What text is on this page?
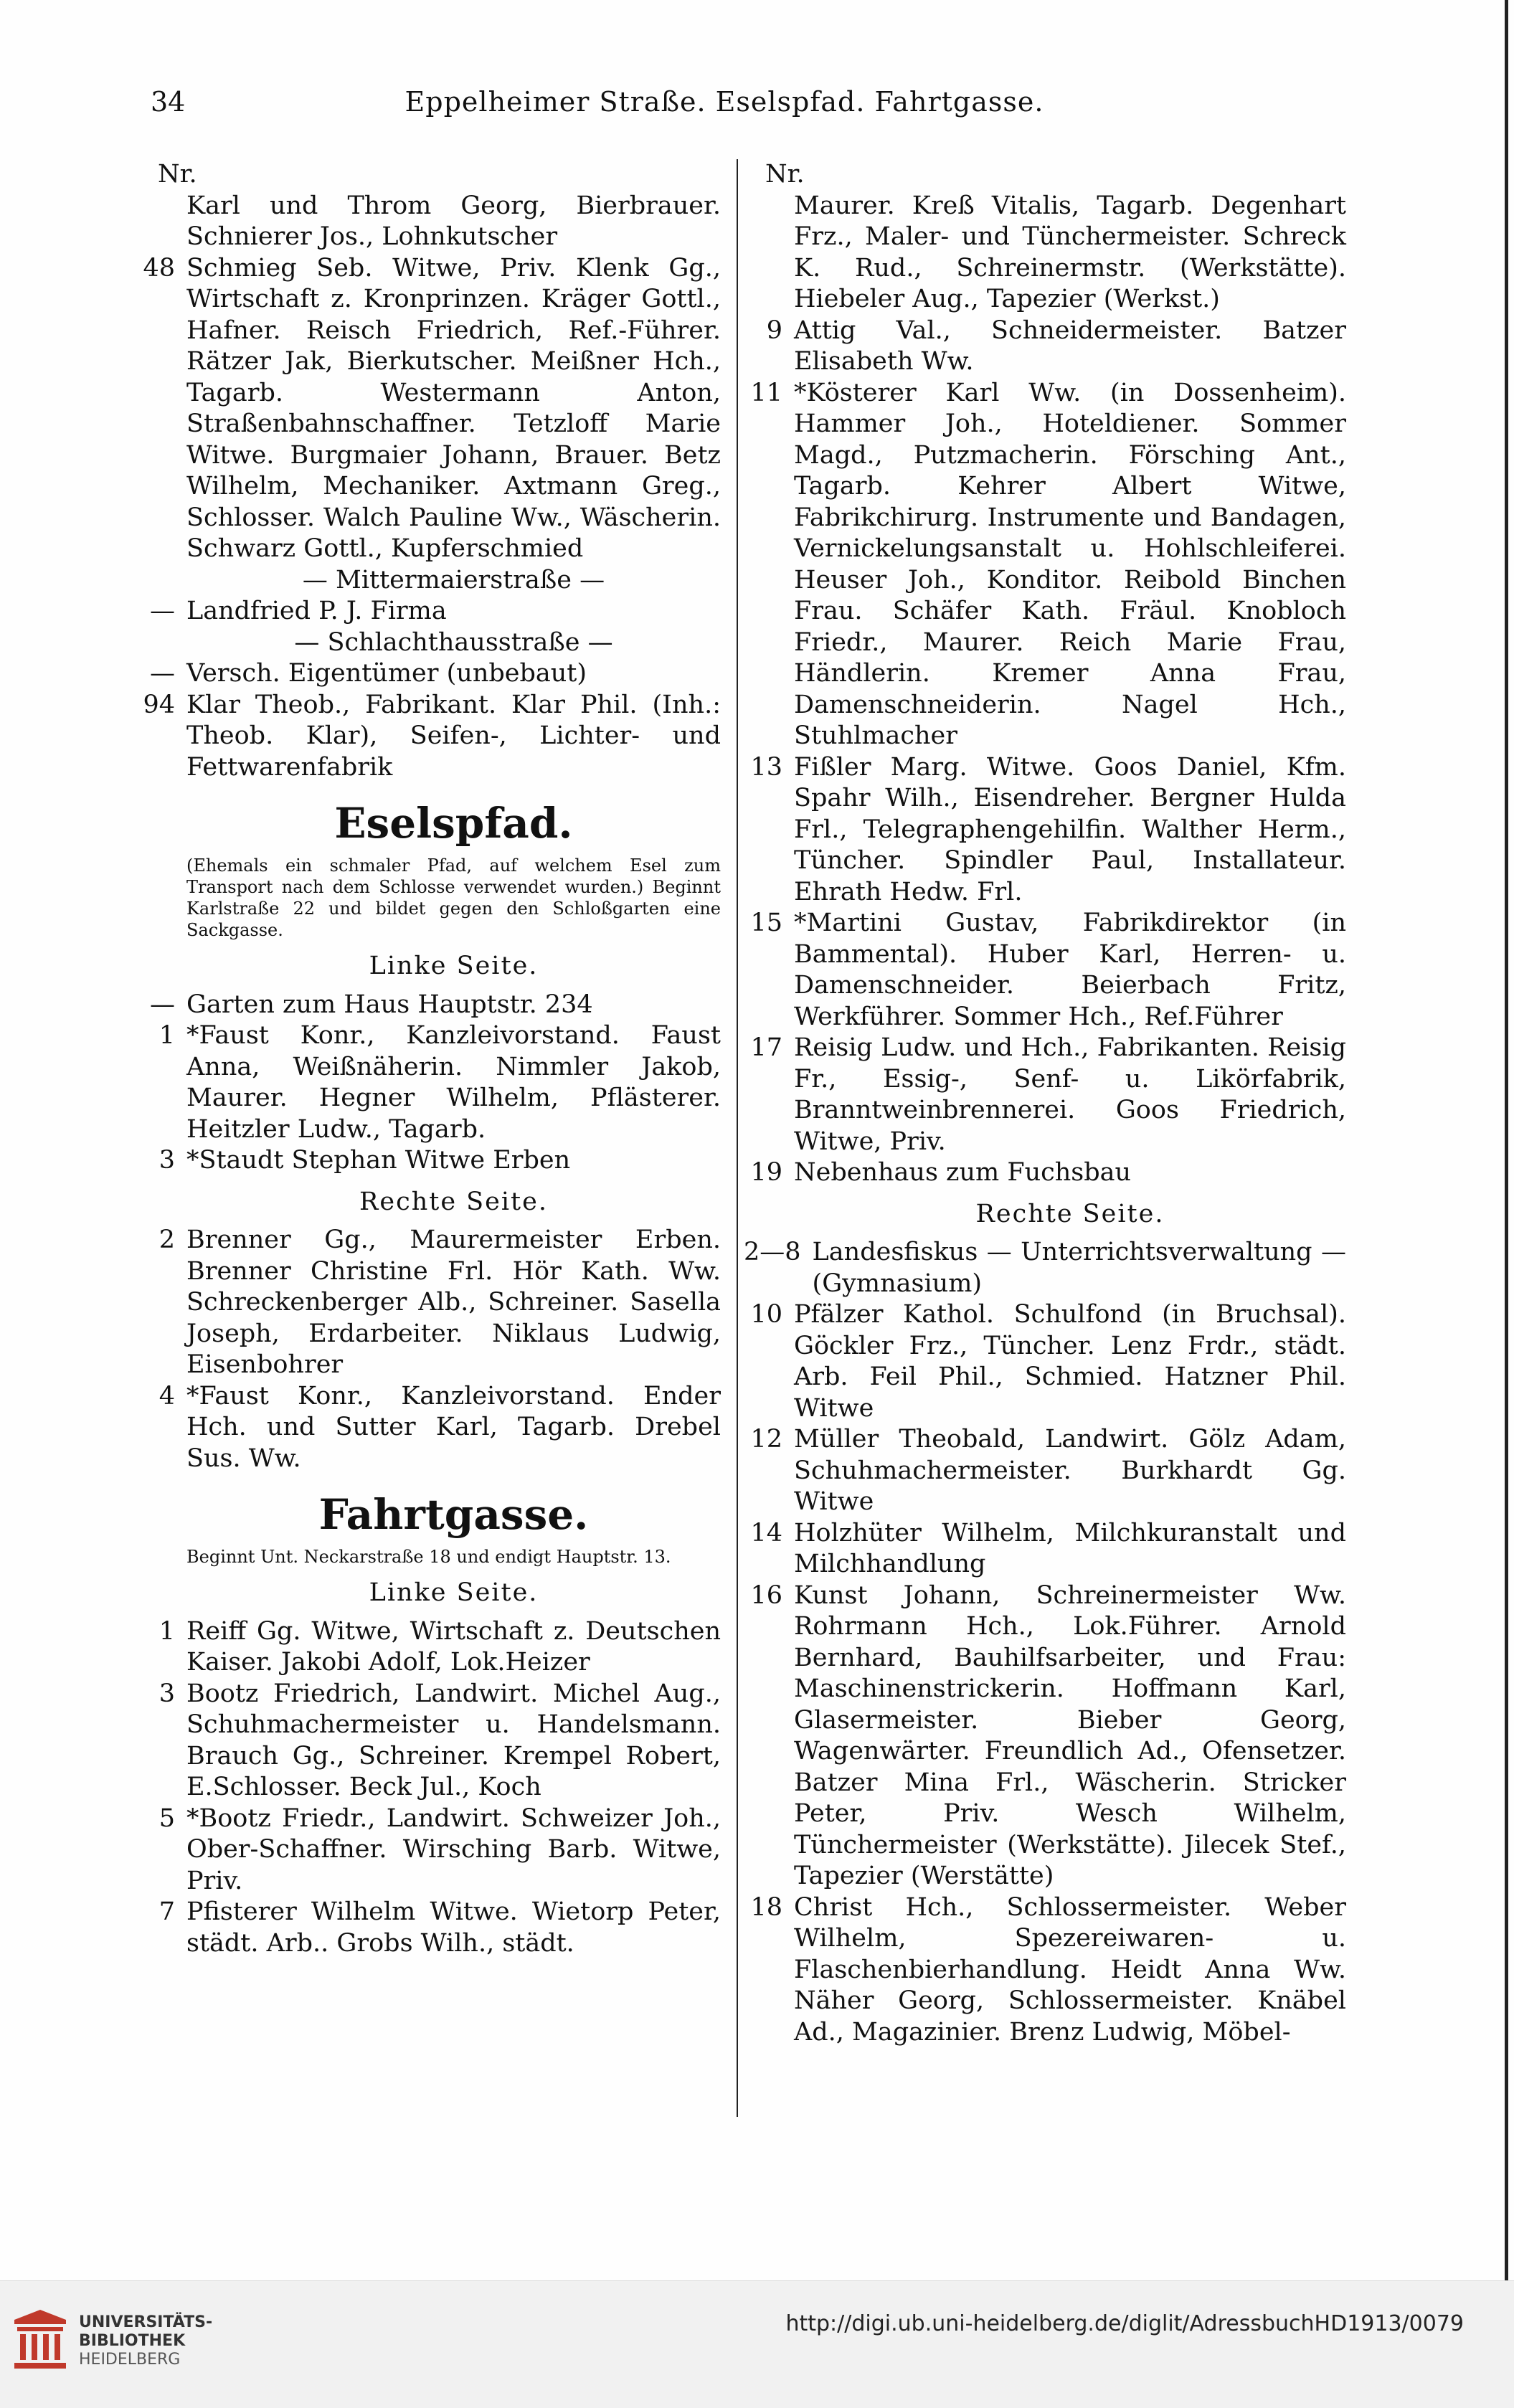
34	Eppelheimer Straße. Eselspfad. Fahrtgasse.
Nr.
Karl und Throm Georg, Bierbrauer. Schnierer Jos., Lohnkutscher
48 Schmieg Seb. Witwe, Priv. Klenk Gg., Wirtschaft z. Kronprinzen. Kräger Gottl., Hafner. Reisch Friedrich, Ref.-Führer. Rätzer Jak, Bierkutscher. Meißner Hch., Tagarb. Westermann Anton, Straßenbahnschaffner. Tetzloff Marie Witwe. Burgmaier Johann, Brauer. Betz Wilhelm, Mechaniker. Axtmann Greg., Schlosser. Walch Pauline Ww., Wäscherin. Schwarz Gottl., Kupferschmied
— Mittermaierstraße —
— Landfried P. J. Firma
— Schlachthausstraße —
— Versch. Eigentümer (unbebaut)
94 Klar Theob., Fabrikant. Klar Phil. (Inh.: Theob. Klar), Seifen-, Lichter- und Fettwarenfabrik
Eselspfad.
(Ehemals ein schmaler Pfad, auf welchem Esel zum Transport nach dem Schlosse verwendet wurden.) Beginnt Karlstraße 22 und bildet gegen den Schloßgarten eine Sackgasse.
Linke Seite.
— Garten zum Haus Hauptstr. 234
1 *Faust Konr., Kanzleivorstand. Faust Anna, Weißnäherin. Nimmler Jakob, Maurer. Hegner Wilhelm, Pflästerer. Heitzler Ludw., Tagarb.
3 *Staudt Stephan Witwe Erben
Rechte Seite.
2 Brenner Gg., Maurermeister Erben. Brenner Christine Frl. Hör Kath. Ww. Schreckenberger Alb., Schreiner. Sasella Joseph, Erdarbeiter. Niklaus Ludwig, Eisenbohrer
4 *Faust Konr., Kanzleivorstand. Ender Hch. und Sutter Karl, Tagarb. Drebel Sus. Ww.
Fahrtgasse.
Beginnt Unt. Neckarstraße 18 und endigt Hauptstr. 13.
Linke Seite.
1 Reiff Gg. Witwe, Wirtschaft z. Deutschen Kaiser. Jakobi Adolf, Lok.Heizer
3 Bootz Friedrich, Landwirt. Michel Aug., Schuhmachermeister u. Handelsmann. Brauch Gg., Schreiner. Krempel Robert, E.Schlosser. Beck Jul., Koch
5 *Bootz Friedr., Landwirt. Schweizer Joh., Ober-Schaffner. Wirsching Barb. Witwe, Priv.
7 Pfisterer Wilhelm Witwe. Wietorp Peter, städt. Arb.. Grobs Wilh., städt.
Nr.
Maurer. Kreß Vitalis, Tagarb. Degenhart Frz., Maler- und Tünchermeister. Schreck K. Rud., Schreinermstr. (Werkstätte). Hiebeler Aug., Tapezier (Werkst.)
9 Attig Val., Schneidermeister. Batzer Elisabeth Ww.
11 *Kösterer Karl Ww. (in Dossenheim). Hammer Joh., Hoteldiener. Sommer Magd., Putzmacherin. Försching Ant., Tagarb. Kehrer Albert Witwe, Fabrikchirurg. Instrumente und Bandagen, Vernickelungsanstalt u. Hohlschleiferei. Heuser Joh., Konditor. Reibold Binchen Frau. Schäfer Kath. Fräul. Knobloch Friedr., Maurer. Reich Marie Frau, Händlerin. Kremer Anna Frau, Damenschneiderin. Nagel Hch., Stuhlmacher
13 Fißler Marg. Witwe. Goos Daniel, Kfm. Spahr Wilh., Eisendreher. Bergner Hulda Frl., Telegraphengehilfin. Walther Herm., Tüncher. Spindler Paul, Installateur. Ehrath Hedw. Frl.
15 *Martini Gustav, Fabrikdirektor (in Bammental). Huber Karl, Herren- u. Damenschneider. Beierbach Fritz, Werkführer. Sommer Hch., Ref.Führer
17 Reisig Ludw. und Hch., Fabrikanten. Reisig Fr., Essig-, Senf- u. Likörfabrik, Branntweinbrennerei. Goos Friedrich, Witwe, Priv.
19 Nebenhaus zum Fuchsbau
Rechte Seite.
2—8 Landesfiskus — Unterrichtsverwaltung — (Gymnasium)
10 Pfälzer Kathol. Schulfond (in Bruchsal). Göckler Frz., Tüncher. Lenz Frdr., städt. Arb. Feil Phil., Schmied. Hatzner Phil. Witwe
12 Müller Theobald, Landwirt. Gölz Adam, Schuhmachermeister. Burkhardt Gg. Witwe
14 Holzhüter Wilhelm, Milchkuranstalt und Milchhandlung
16 Kunst Johann, Schreinermeister Ww. Rohrmann Hch., Lok.Führer. Arnold Bernhard, Bauhilfsarbeiter, und Frau: Maschinenstrickerin. Hoffmann Karl, Glasermeister. Bieber Georg, Wagenwärter. Freundlich Ad., Ofensetzer. Batzer Mina Frl., Wäscherin. Stricker Peter, Priv. Wesch Wilhelm, Tünchermeister (Werkstätte). Jilecek Stef., Tapezier (Werstätte)
18 Christ Hch., Schlossermeister. Weber Wilhelm, Spezereiwaren- u. Flaschenbierhandlung. Heidt Anna Ww. Näher Georg, Schlossermeister. Knäbel Ad., Magazinier. Brenz Ludwig, Möbel-
UNIVERSITÄTS-
BIBLIOTHEK
HEIDELBERG
http://digi.ub.uni-heidelberg.de/diglit/AdressbuchHD1913/0079
